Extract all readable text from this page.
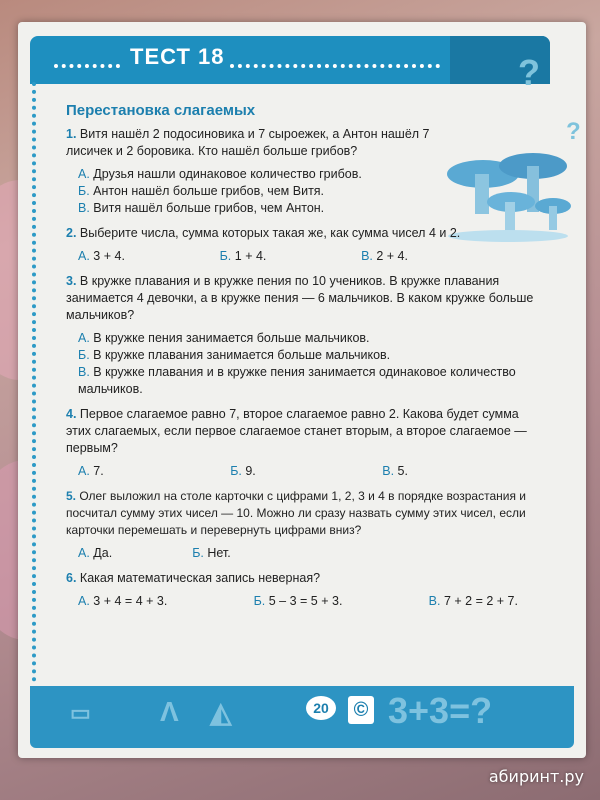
ТЕСТ 18	?
?
Перестановка слагаемых
1. Витя нашёл 2 подосиновика и 7 сыроежек, а Антон нашёл 7 лисичек и 2 боровика. Кто нашёл больше грибов?
А. Друзья нашли одинаковое количество грибов.
Б. Антон нашёл больше грибов, чем Витя.
В. Витя нашёл больше грибов, чем Антон.
2. Выберите числа, сумма которых такая же, как сумма чисел 4 и 2.
А. 3 + 4.	Б. 1 + 4.	В. 2 + 4.
3. В кружке плавания и в кружке пения по 10 учеников. В кружке плавания занимается 4 девочки, а в кружке пения — 6 мальчиков. В каком кружке больше мальчиков?
А. В кружке пения занимается больше мальчиков.
Б. В кружке плавания занимается больше мальчиков.
В. В кружке плавания и в кружке пения занимается одинаковое количество мальчиков.
4. Первое слагаемое равно 7, второе слагаемое равно 2. Какова будет сумма этих слагаемых, если первое слагаемое станет вторым, а второе слагаемое — первым?
А. 7.	Б. 9.	В. 5.
5. Олег выложил на столе карточки с цифрами 1, 2, 3 и 4 в порядке возрастания и посчитал сумму этих чисел — 10. Можно ли сразу назвать сумму этих чисел, если карточки перемешать и перевернуть цифрами вниз?
А. Да.	Б. Нет.
6. Какая математическая запись неверная?
А. 3 + 4 = 4 + 3.	Б. 5 – 3 = 5 + 3.	В. 7 + 2 = 2 + 7.
▭ Λ ◭	20	© 3+3=?
абиринт.ру
